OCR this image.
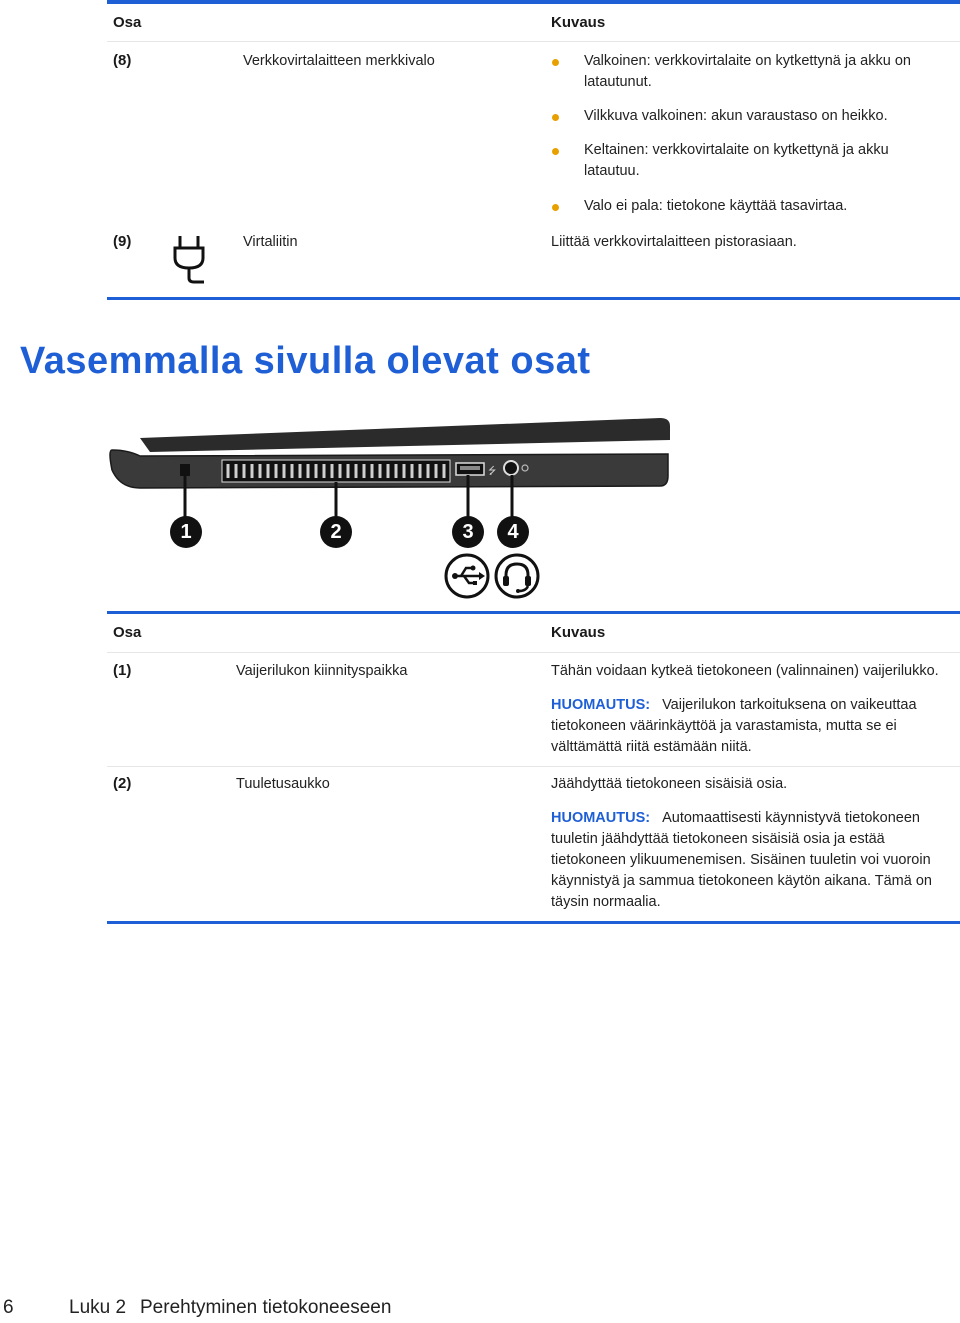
Osa	Kuvaus
(8)	Verkkovirtalaitteen merkkivalo	Valkoinen: verkkovirtalaite on kytkettynä ja akku on
latautunut.
Vilkkuva valkoinen: akun varaustaso on heikko.
Keltainen: verkkovirtalaite on kytkettynä ja akku
latautuu.
Valo ei pala: tietokone käyttää tasavirtaa.
(9)	Virtaliitin	Liittää verkkovirtalaitteen pistorasiaan.
Vasemmalla sivulla olevat osat
⭍
1	2	3	4
Osa	Kuvaus
(1)	Vaijerilukon kiinnityspaikka	Tähän voidaan kytkeä tietokoneen (valinnainen) vaijerilukko.
HUOMAUTUS: Vaijerilukon tarkoituksena on vaikeuttaa
tietokoneen väärinkäyttöä ja varastamista, mutta se ei
välttämättä riitä estämään niitä.
(2)	Tuuletusaukko	Jäähdyttää tietokoneen sisäisiä osia.
HUOMAUTUS: Automaattisesti käynnistyvä tietokoneen
tuuletin jäähdyttää tietokoneen sisäisiä osia ja estää
tietokoneen ylikuumenemisen. Sisäinen tuuletin voi vuoroin
käynnistyä ja sammua tietokoneen käytön aikana. Tämä on
täysin normaalia.
6	Luku 2 Perehtyminen tietokoneeseen
